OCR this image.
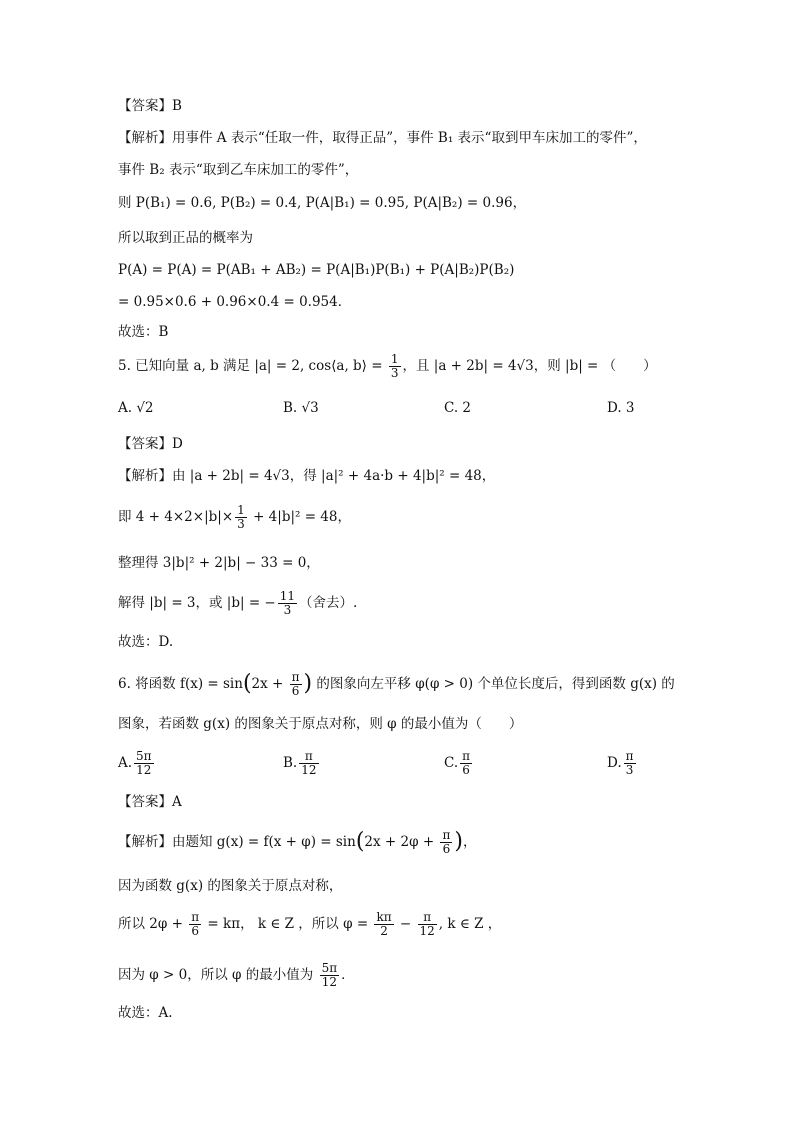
【答案】B
【解析】用事件 A 表示“任取一件，取得正品”，事件 B₁ 表示“取到甲车床加工的零件”，
事件 B₂ 表示“取到乙车床加工的零件”，
则 P(B₁) = 0.6, P(B₂) = 0.4, P(A|B₁) = 0.95, P(A|B₂) = 0.96，
所以取到正品的概率为
P(A) = P(A) = P(AB₁ + AB₂) = P(A|B₁)P(B₁) + P(A|B₂)P(B₂)
= 0.95×0.6 + 0.96×0.4 = 0.954．
故选：B
5. 已知向量 a, b 满足 |a| = 2, cos⟨a, b⟩ = $\frac{1}{3}$ ，且 |a + 2b| = 4√3，则 |b| = （　　）
A. √2	B. √3	C. 2	D. 3
【答案】D
【解析】由 |a + 2b| = 4√3，得 |a|² + 4a·b + 4|b|² = 48，
即 $4 + 4\times 2\times|b|\times \frac{1}{3} + 4|b|^2 = 48$，
整理得 3|b|² + 2|b| − 33 = 0，
解得 |b| = 3，或 |b| = − $\frac{11}{3}$ （舍去）.
故选：D.
6. 将函数 $f(x) = \sin(2x + \frac{\pi}{6}$ ) 的图象向左平移 φ(φ > 0) 个单位长度后，得到函数 g(x) 的
图象，若函数 g(x) 的图象关于原点对称，则 φ 的最小值为（　　）
A. $\frac{5\pi}{12}$	B. $\frac{\pi}{12}$	C. $\frac{\pi}{6}$	D. $\frac{\pi}{3}$
【答案】A
【解析】由题知 $g(x) = f(x + \varphi) = \sin(2x + 2\varphi + \frac{\pi}{6}$ )，
因为函数 g(x) 的图象关于原点对称，
所以 $2\varphi + \frac{\pi}{6} = k\pi$， k ∈ Z ，所以 $\varphi = \frac{k\pi}{2} - \frac{\pi}{12}$ , k ∈ Z ，
因为 φ > 0，所以 φ 的最小值为 $\frac{5\pi}{12}$ ．
故选：A.
